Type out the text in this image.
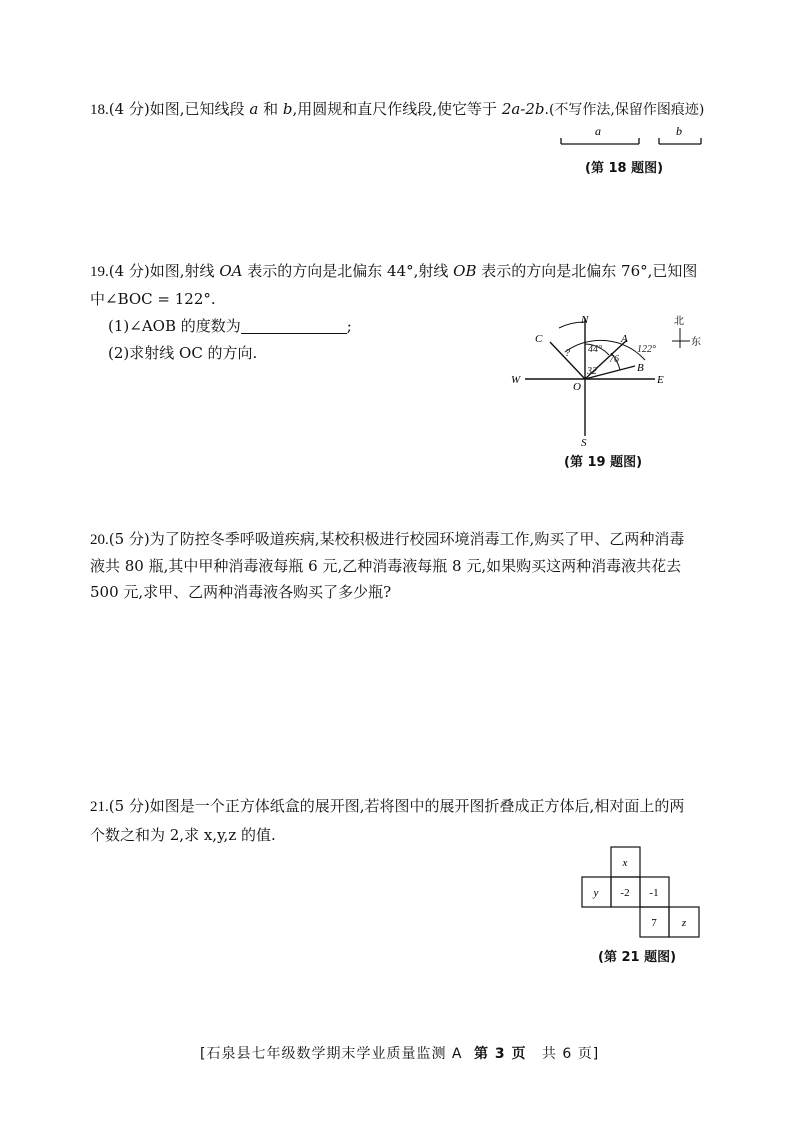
18.(4 分)如图,已知线段 a 和 b,用圆规和直尺作线段,使它等于 2a-2b.(不写作法,保留作图痕迹)
a	b
(第 18 题图)
19.(4 分)如图,射线 OA 表示的方向是北偏东 44°,射线 OB 表示的方向是北偏东 76°,已知图
中∠BOC = 122°.
(1)∠AOB 的度数为	;
(2)求射线 OC 的方向.
N
S
W	E
O
A
B
C
? 44°
76
122°
32
北
东
(第 19 题图)
20.(5 分)为了防控冬季呼吸道疾病,某校积极进行校园环境消毒工作,购买了甲、乙两种消毒
液共 80 瓶,其中甲种消毒液每瓶 6 元,乙种消毒液每瓶 8 元,如果购买这两种消毒液共花去
500 元,求甲、乙两种消毒液各购买了多少瓶?
21.(5 分)如图是一个正方体纸盒的展开图,若将图中的展开图折叠成正方体后,相对面上的两
个数之和为 2,求 x,y,z 的值.
x
y -2 -1
7 z
(第 21 题图)
[石泉县七年级数学期末学业质量监测 A 第 3 页 共 6 页]
